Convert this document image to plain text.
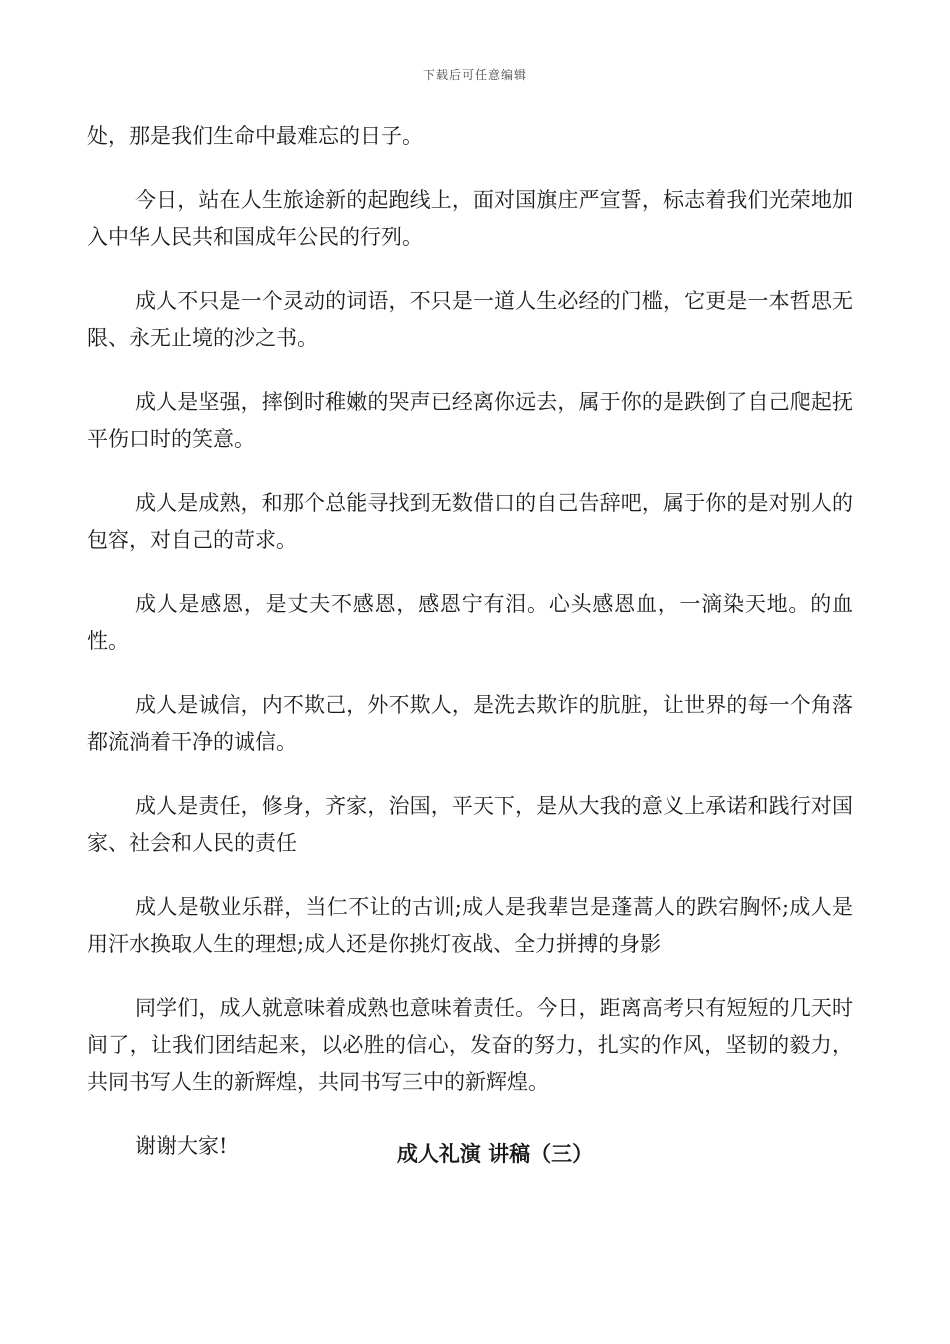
下载后可任意编辑

处，那是我们生命中最难忘的日子。

今日，站在人生旅途新的起跑线上，面对国旗庄严宣誓，标志着我们光荣地加入中华人民共和国成年公民的行列。

成人不只是一个灵动的词语，不只是一道人生必经的门槛，它更是一本哲思无限、永无止境的沙之书。

成人是坚强，摔倒时稚嫩的哭声已经离你远去，属于你的是跌倒了自己爬起抚平伤口时的笑意。

成人是成熟，和那个总能寻找到无数借口的自己告辞吧，属于你的是对别人的包容，对自己的苛求。

成人是感恩，是丈夫不感恩，感恩宁有泪。心头感恩血，一滴染天地。的血性。

成人是诚信，内不欺己，外不欺人，是洗去欺诈的肮脏，让世界的每一个角落都流淌着干净的诚信。

成人是责任，修身，齐家，治国，平天下，是从大我的意义上承诺和践行对国家、社会和人民的责任

成人是敬业乐群，当仁不让的古训;成人是我辈岂是蓬蒿人的跌宕胸怀;成人是用汗水换取人生的理想;成人还是你挑灯夜战、全力拼搏的身影

同学们，成人就意味着成熟也意味着责任。今日，距离高考只有短短的几天时间了，让我们团结起来，以必胜的信心，发奋的努力，扎实的作风，坚韧的毅力，共同书写人生的新辉煌，共同书写三中的新辉煌。

谢谢大家!	成人礼演 讲稿（三）
